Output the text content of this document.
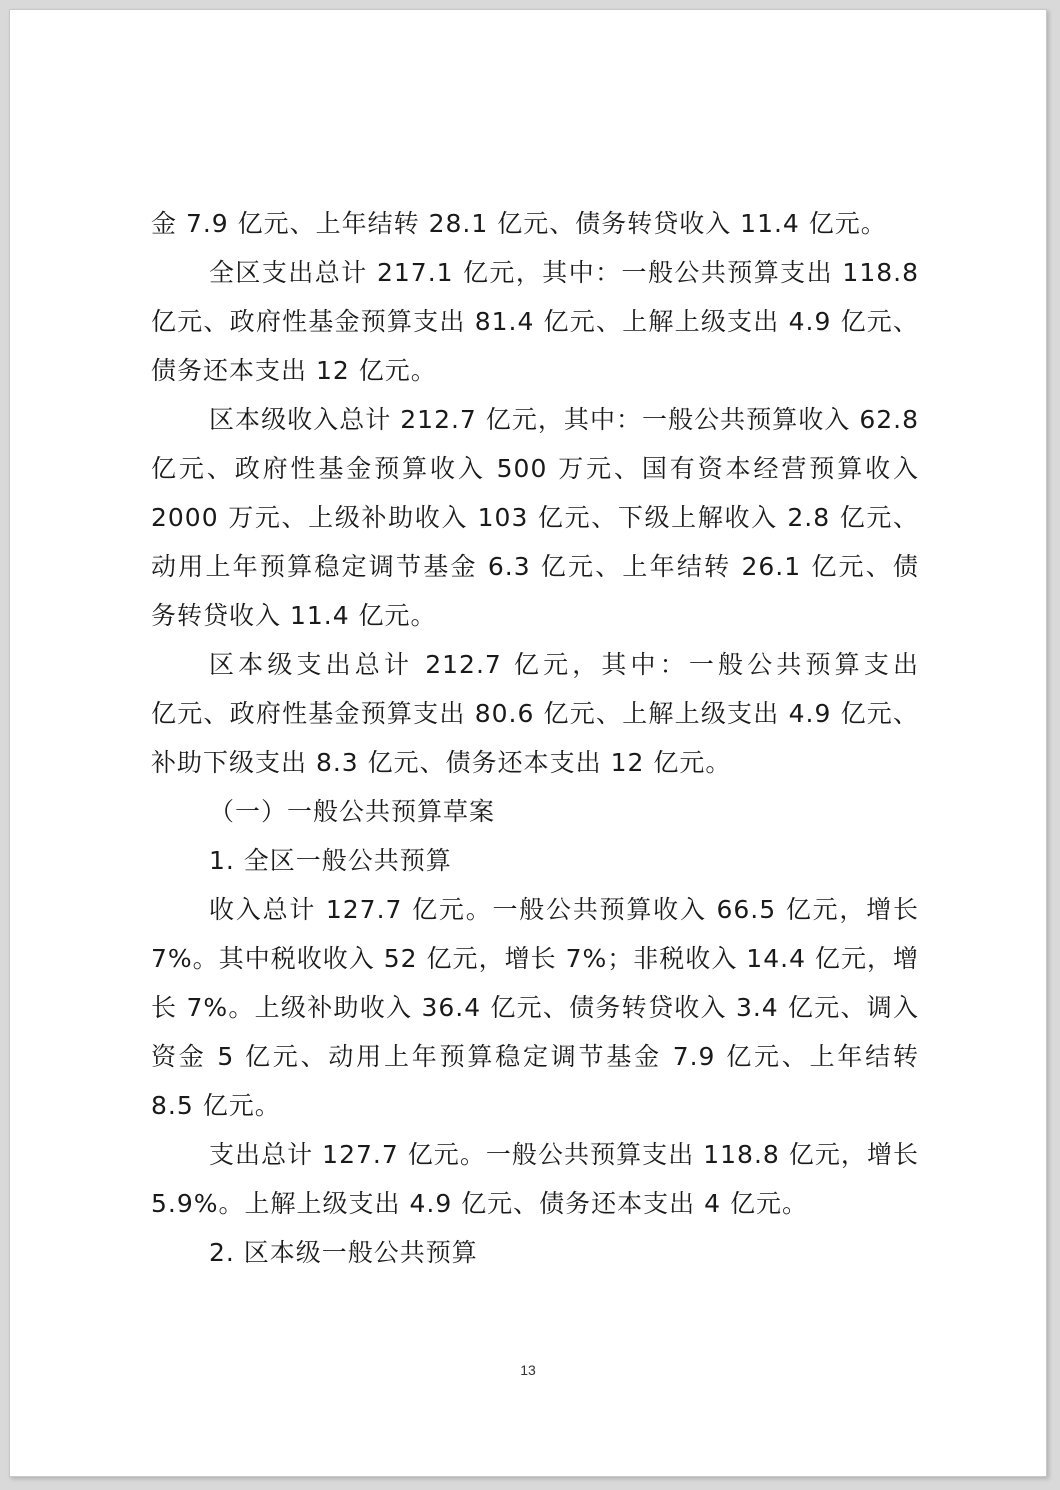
金 7.9 亿元、上年结转 28.1 亿元、债务转贷收入 11.4 亿元。
全区支出总计 217.1 亿元，其中：一般公共预算支出 118.8
亿元、政府性基金预算支出 81.4 亿元、上解上级支出 4.9 亿元、
债务还本支出 12 亿元。
区本级收入总计 212.7 亿元，其中：一般公共预算收入 62.8
亿元、政府性基金预算收入 500 万元、国有资本经营预算收入
2000 万元、上级补助收入 103 亿元、下级上解收入 2.8 亿元、
动用上年预算稳定调节基金 6.3 亿元、上年结转 26.1 亿元、债
务转贷收入 11.4 亿元。
区本级支出总计 212.7 亿元，其中：一般公共预算支出
亿元、政府性基金预算支出 80.6 亿元、上解上级支出 4.9 亿元、
补助下级支出 8.3 亿元、债务还本支出 12 亿元。
（一）一般公共预算草案
1. 全区一般公共预算
收入总计 127.7 亿元。一般公共预算收入 66.5 亿元，增长
7%。其中税收收入 52 亿元，增长 7%；非税收入 14.4 亿元，增
长 7%。上级补助收入 36.4 亿元、债务转贷收入 3.4 亿元、调入
资金 5 亿元、动用上年预算稳定调节基金 7.9 亿元、上年结转
8.5 亿元。
支出总计 127.7 亿元。一般公共预算支出 118.8 亿元，增长
5.9%。上解上级支出 4.9 亿元、债务还本支出 4 亿元。
2. 区本级一般公共预算
13
